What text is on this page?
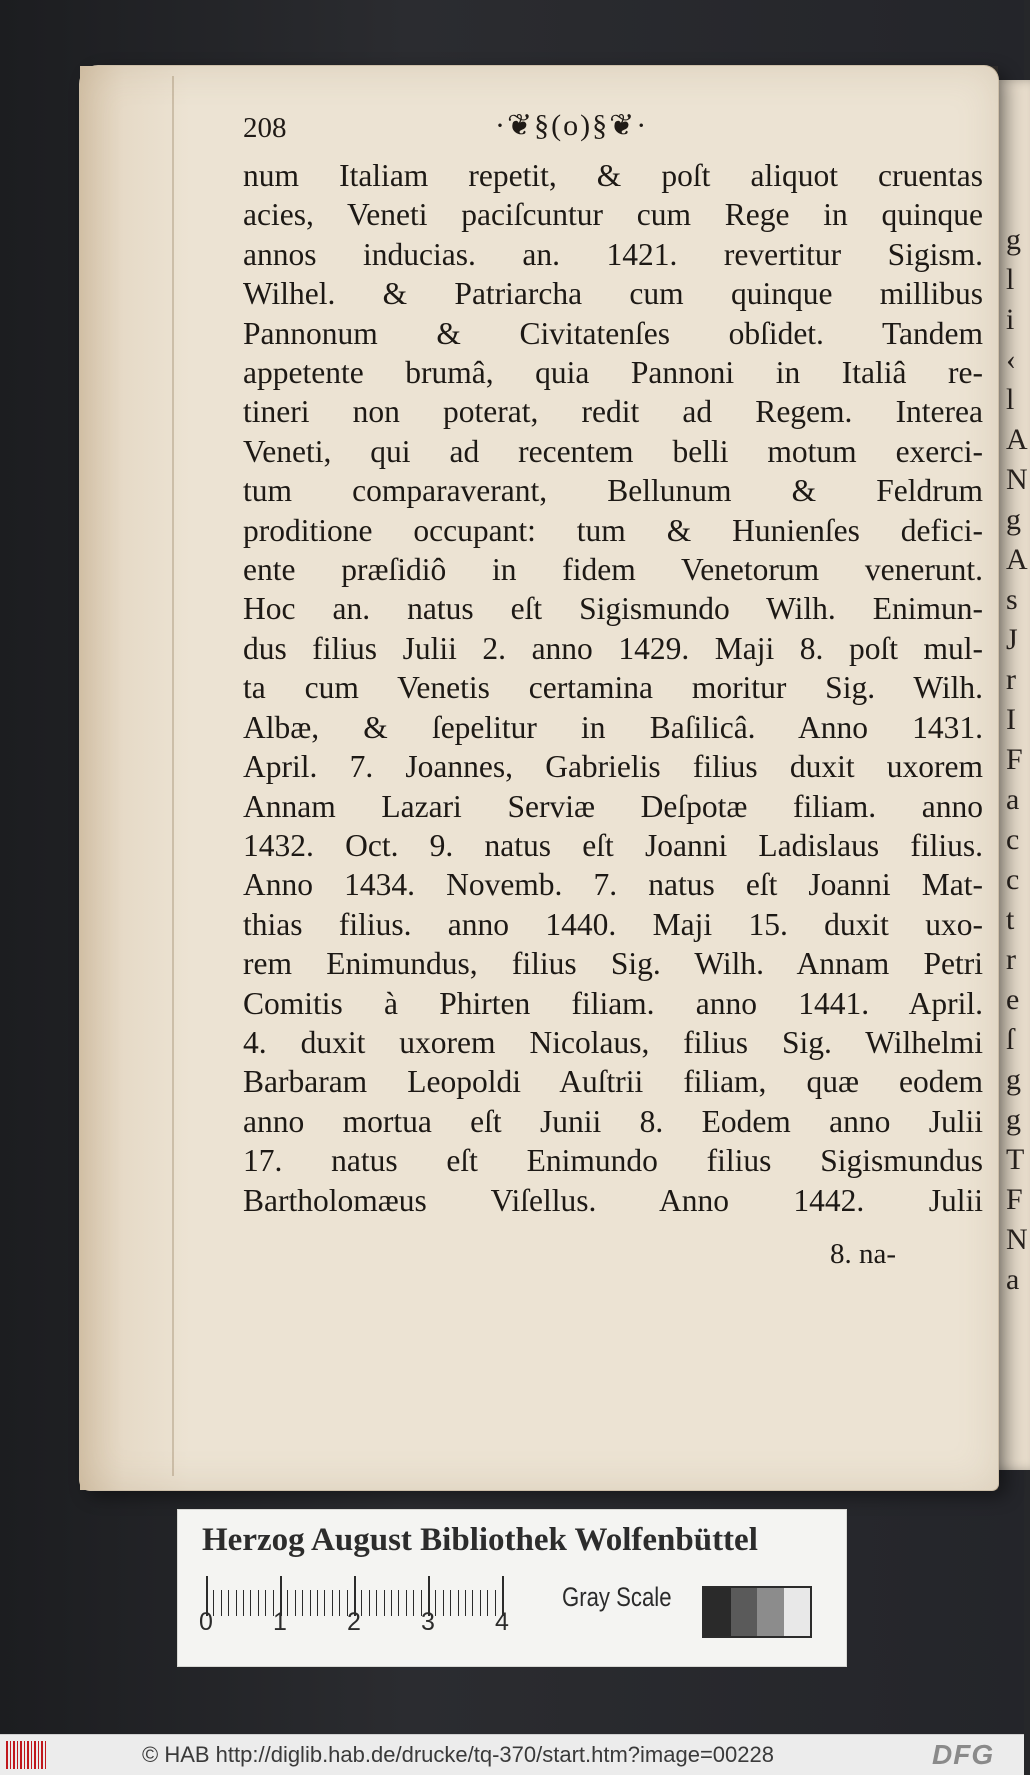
g
l
i
‹
l
A
N
g
A
s
J
r
I
F
a
c
c
t
r
e
ſ
g
g
T
F
N
a
208	·❦§(o)§❦·
num Italiam repetit, & poſt aliquot cruentas
acies, Veneti paciſcuntur cum Rege in quinque
annos inducias. an. 1421. revertitur Sigism.
Wilhel. & Patriarcha cum quinque millibus
Pannonum & Civitatenſes obſidet. Tandem
appetente brumâ, quia Pannoni in Italiâ re-
tineri non poterat, redit ad Regem. Interea
Veneti, qui ad recentem belli motum exerci-
tum comparaverant, Bellunum & Feldrum
proditione occupant: tum & Hunienſes defici-
ente præſidiô in fidem Venetorum venerunt.
Hoc an. natus eſt Sigismundo Wilh. Enimun-
dus filius Julii 2. anno 1429. Maji 8. poſt mul-
ta cum Venetis certamina moritur Sig. Wilh.
Albæ, & ſepelitur in Baſilicâ. Anno 1431.
April. 7. Joannes, Gabrielis filius duxit uxorem
Annam Lazari Serviæ Deſpotæ filiam. anno
1432. Oct. 9. natus eſt Joanni Ladislaus filius.
Anno 1434. Novemb. 7. natus eſt Joanni Mat-
thias filius. anno 1440. Maji 15. duxit uxo-
rem Enimundus, filius Sig. Wilh. Annam Petri
Comitis à Phirten filiam. anno 1441. April.
4. duxit uxorem Nicolaus, filius Sig. Wilhelmi
Barbaram Leopoldi Auſtrii filiam, quæ eodem
anno mortua eſt Junii 8. Eodem anno Julii
17. natus eſt Enimundo filius Sigismundus
Bartholomæus Viſellus. Anno 1442. Julii
8. na-
Herzog August Bibliothek Wolfenbüttel
Gray Scale
0 1 2 3 4
© HAB http://diglib.hab.de/drucke/tq-370/start.htm?image=00228	DFG
